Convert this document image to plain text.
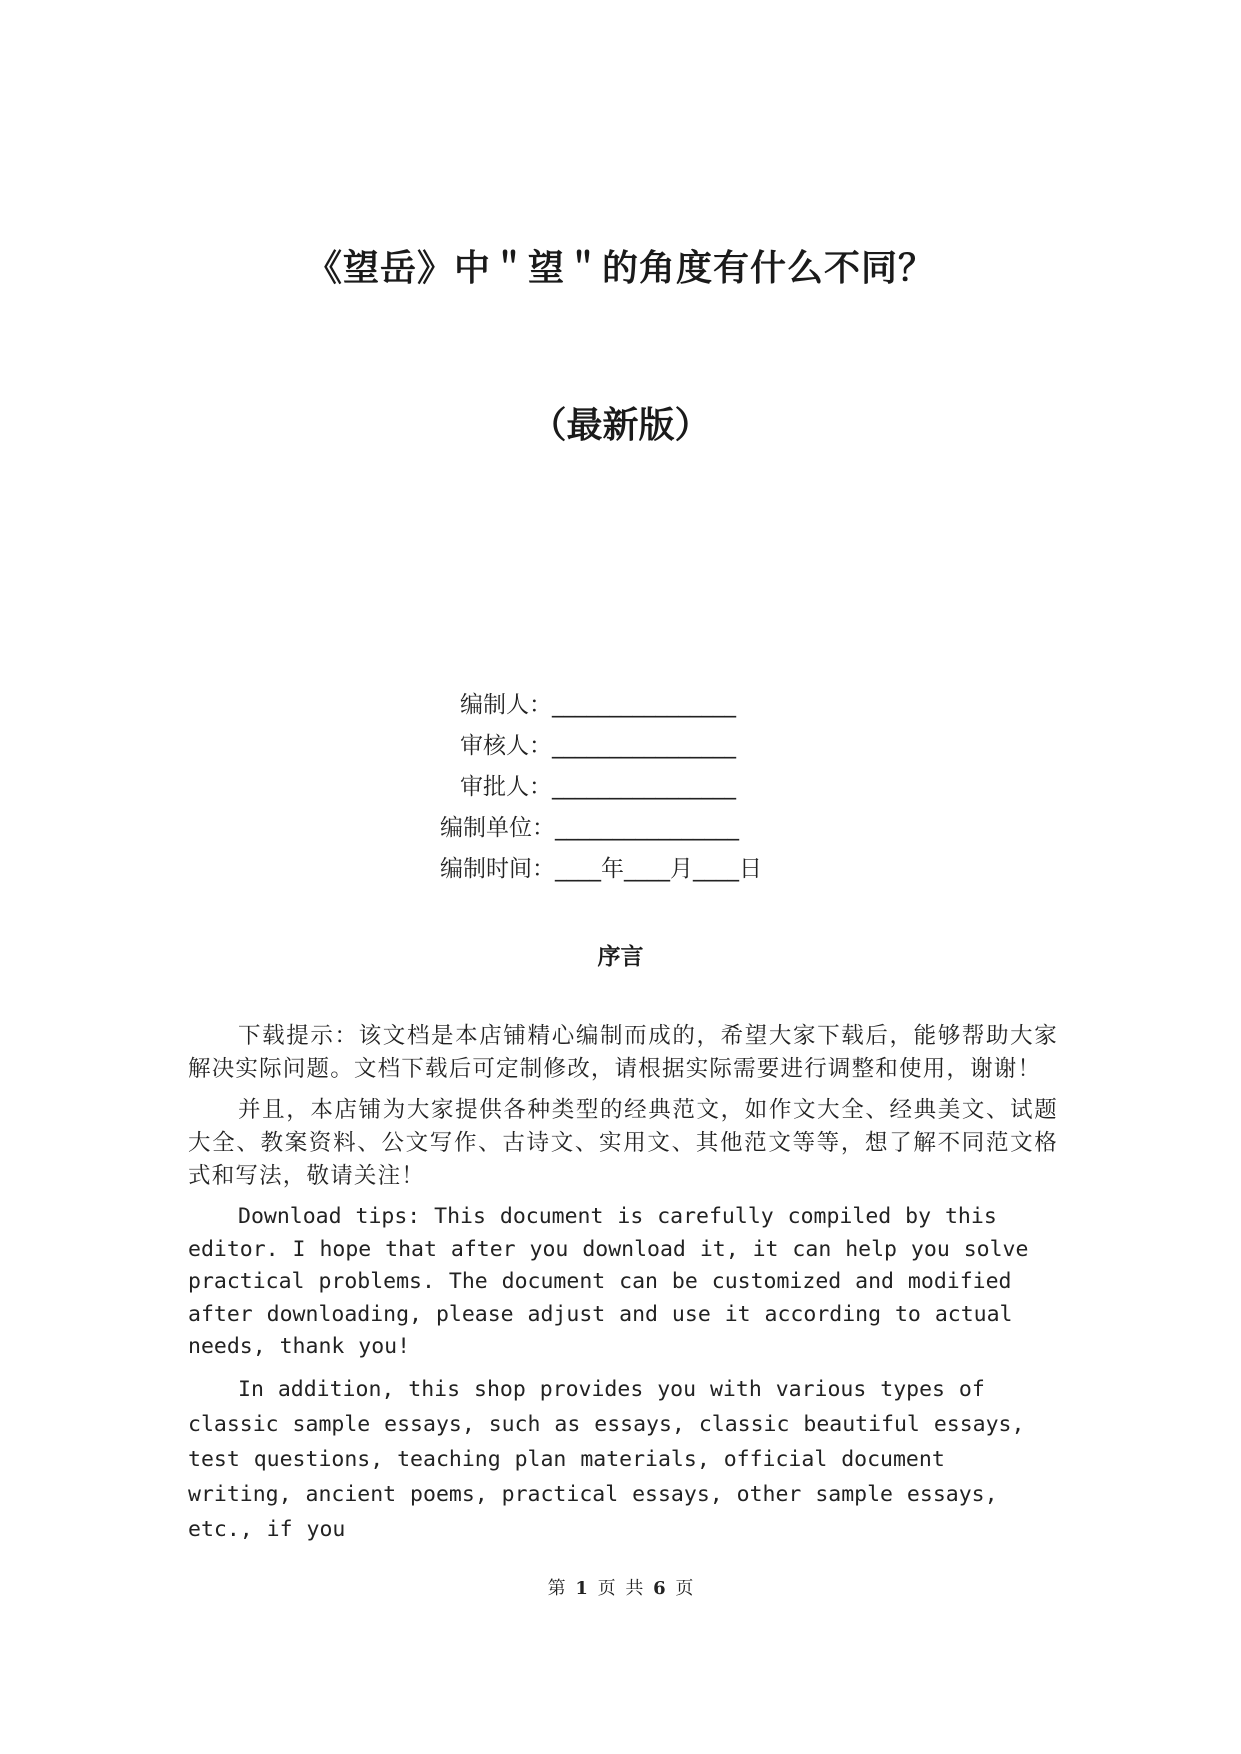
《望岳》中＂望＂的角度有什么不同？
（最新版）
编制人：________________
审核人：________________
审批人：________________
编制单位：________________
编制时间：____年____月____日
序言

下载提示：该文档是本店铺精心编制而成的，希望大家下载后，能够帮助大家解决实际问题。文档下载后可定制修改，请根据实际需要进行调整和使用，谢谢！

并且，本店铺为大家提供各种类型的经典范文，如作文大全、经典美文、试题大全、教案资料、公文写作、古诗文、实用文、其他范文等等，想了解不同范文格式和写法，敬请关注！

Download tips: This document is carefully compiled by this editor. I hope that after you download it, it can help you solve practical problems. The document can be customized and modified after downloading, please adjust and use it according to actual needs, thank you!

In addition, this shop provides you with various types of classic sample essays, such as essays, classic beautiful essays, test questions, teaching plan materials, official document writing, ancient poems, practical essays, other sample essays, etc., if you

第 1 页 共 6 页
